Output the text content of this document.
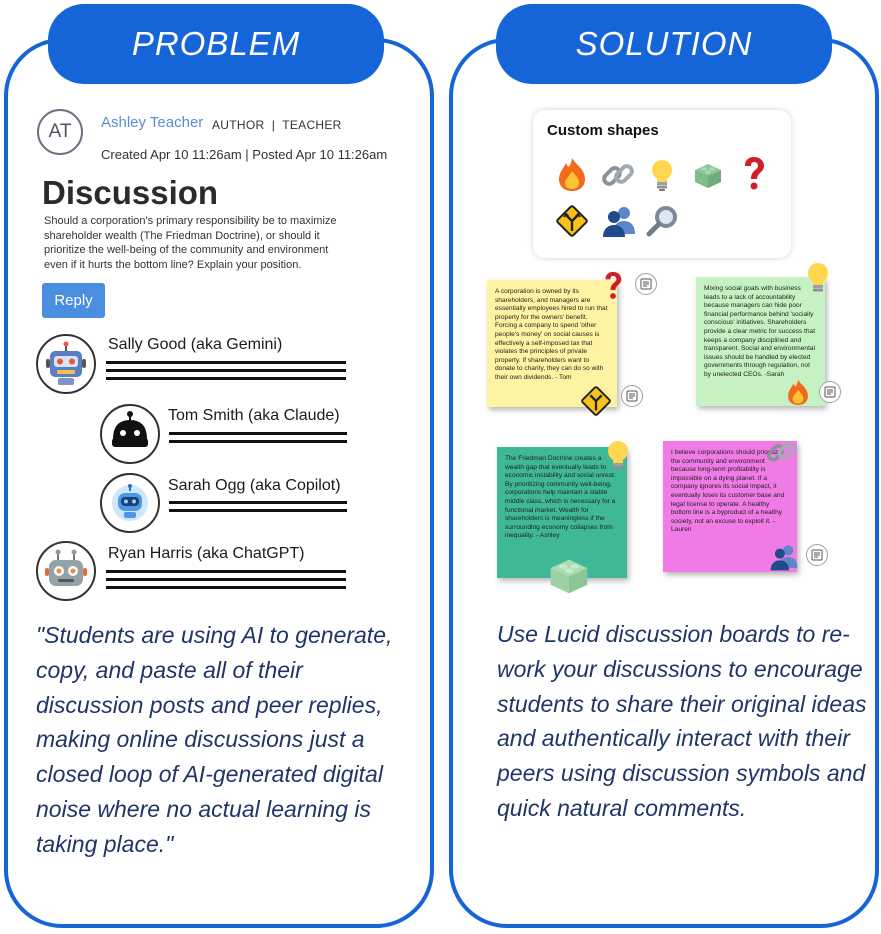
PROBLEM	SOLUTION
AT	Ashley Teacher AUTHOR  |  TEACHER
Created Apr 10 11:26am | Posted Apr 10 11:26am
Discussion
Should a corporation's primary responsibility be to maximize shareholder wealth (The Friedman Doctrine), or should it prioritize the well-being of the community and environment even if it hurts the bottom line? Explain your position.
Reply
Sally Good (aka Gemini)
Tom Smith (aka Claude)
Sarah Ogg (aka Copilot)
Ryan Harris (aka ChatGPT)
"Students are using AI to generate, copy, and paste all of their discussion posts and peer replies, making online discussions just a closed loop of AI-generated digital noise where no actual learning is taking place."
Custom shapes
A corporation is owned by its shareholders, and managers are essentially employees hired to run that property for the owners' benefit. Forcing a company to spend 'other people's money' on social causes is effectively a self-imposed tax that violates the principles of private property. If shareholders want to donate to charity, they can do so with their own dividends. - Tom
Mixing social goals with business leads to a lack of accountability because managers can hide poor financial performance behind 'socially conscious' initiatives. Shareholders provide a clear metric for success that keeps a company disciplined and transparent. Social and environmental issues should be handled by elected governments through regulation, not by unelected CEOs. -Sarah
The Friedman Doctrine creates a wealth gap that eventually leads to economic instability and social unrest. By prioritizing community well-being, corporations help maintain a stable middle class, which is necessary for a functional market. Wealth for shareholders is meaningless if the surrounding economy collapses from inequality. - Ashley
I believe corporations should prioritize the community and environment because long-term profitability is impossible on a dying planet. If a company ignores its social impact, it eventually loses its customer base and legal license to operate. A healthy bottom line is a byproduct of a healthy society, not an excuse to exploit it. -Lauren
Use Lucid discussion boards to re-work your discussions to encourage students to share their original ideas and authentically interact with their peers using discussion symbols and quick natural comments.
